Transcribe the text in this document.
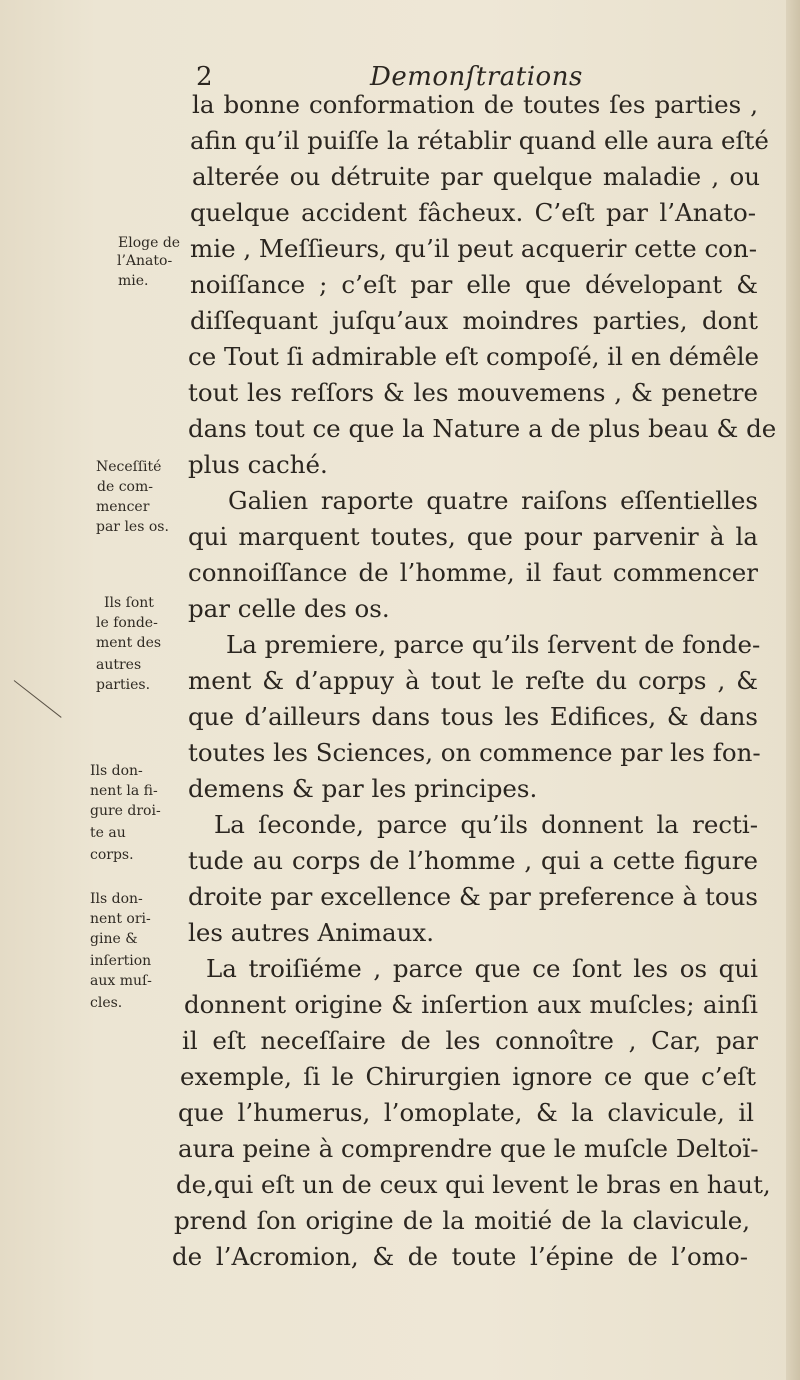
2	Demonſtrations
la bonne conformation de toutes ſes parties ,
afin qu’il puiſſe la rétablir quand elle aura eſté
alterée ou détruite par quelque maladie , ou
quelque accident fâcheux. C’eſt par l’Anato-
mie , Meſſieurs, qu’il peut acquerir cette con-
noiſſance ; c’eſt par elle que dévelopant &
diſſequant juſqu’aux moindres parties, dont
ce Tout ſi admirable eſt compoſé, il en démêle
tout les reſſors & les mouvemens , & penetre
dans tout ce que la Nature a de plus beau & de
plus caché.
Galien raporte quatre raiſons eſſentielles
qui marquent toutes, que pour parvenir à la
connoiſſance de l’homme, il faut commencer
par celle des os.
La premiere, parce qu’ils ſervent de fonde-
ment & d’appuy à tout le reſte du corps , &
que d’ailleurs dans tous les Edifices, & dans
toutes les Sciences, on commence par les fon-
demens & par les principes.
La ſeconde, parce qu’ils donnent la recti-
tude au corps de l’homme , qui a cette figure
droite par excellence & par preference à tous
les autres Animaux.
La troiſiéme , parce que ce ſont les os qui
donnent origine & inſertion aux muſcles; ainſi
il eſt neceſſaire de les connoître , Car, par
exemple, ſi le Chirurgien ignore ce que c’eſt
que l’humerus, l’omoplate, & la clavicule, il
aura peine à comprendre que le muſcle Deltoï-
de,qui eſt un de ceux qui levent le bras en haut,
prend ſon origine de la moitié de la clavicule,
de l’Acromion, & de toute l’épine de l’omo-
Eloge de
l’Anato-
mie.
Neceſſité
de com-
mencer
par les os.
Ils ſont
le fonde-
ment des
autres
parties.
Ils don-
nent la fi-
gure droi-
te au
corps.
Ils don-
nent ori-
gine &
inſertion
aux muſ-
cles.
